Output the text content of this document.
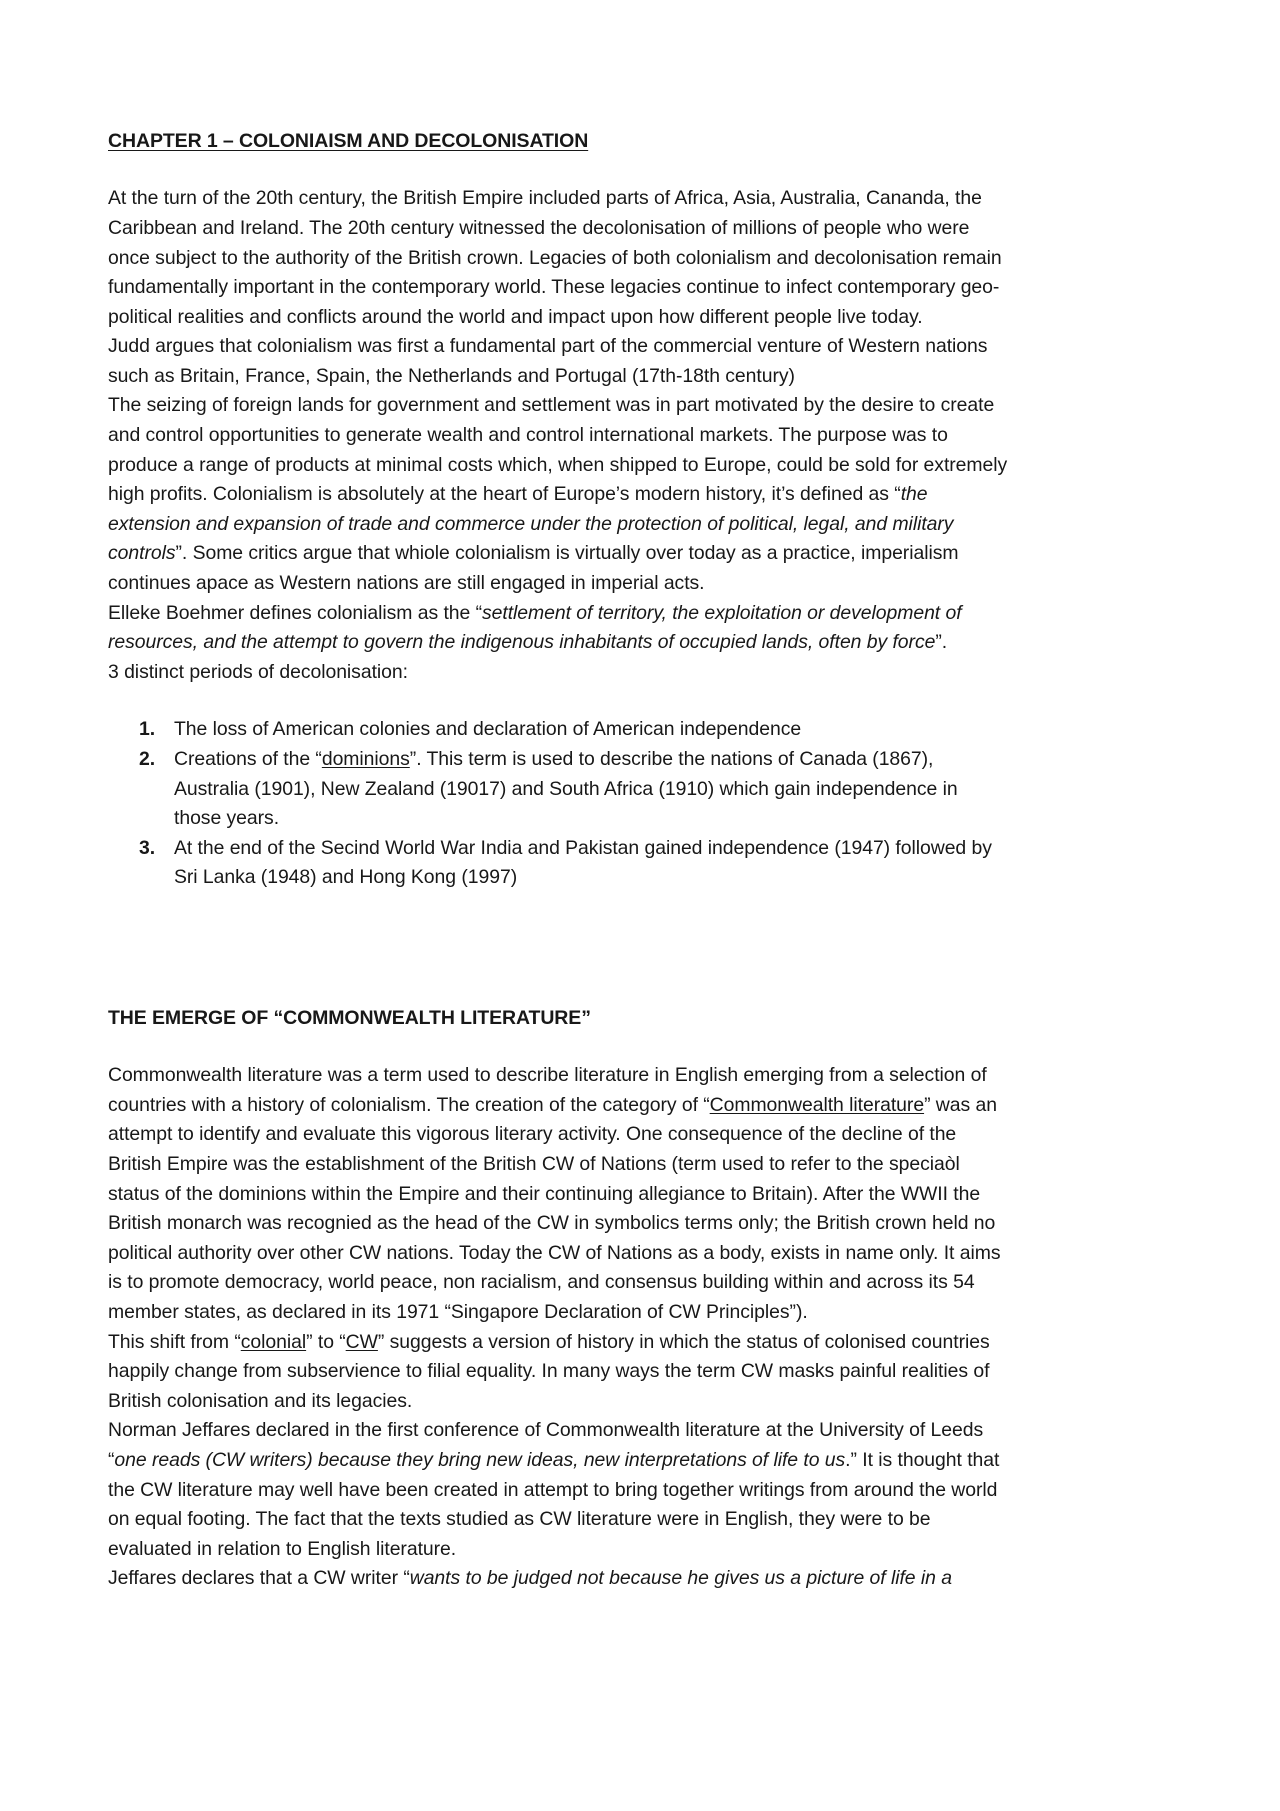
CHAPTER 1 – COLONIAISM AND DECOLONISATION

At the turn of the 20th century, the British Empire included parts of Africa, Asia, Australia, Cananda, the Caribbean and Ireland. The 20th century witnessed the decolonisation of millions of people who were once subject to the authority of the British crown. Legacies of both colonialism and decolonisation remain fundamentally important in the contemporary world. These legacies continue to infect contemporary geo-political realities and conflicts around the world and impact upon how different people live today.

Judd argues that colonialism was first a fundamental part of the commercial venture of Western nations such as Britain, France, Spain, the Netherlands and Portugal (17th-18th century)

The seizing of foreign lands for government and settlement was in part motivated by the desire to create and control opportunities to generate wealth and control international markets. The purpose was to produce a range of products at minimal costs which, when shipped to Europe, could be sold for extremely high profits. Colonialism is absolutely at the heart of Europe’s modern history, it’s defined as “the extension and expansion of trade and commerce under the protection of political, legal, and military controls”. Some critics argue that whiole colonialism is virtually over today as a practice, imperialism continues apace as Western nations are still engaged in imperial acts.

Elleke Boehmer defines colonialism as the “settlement of territory, the exploitation or development of resources, and the attempt to govern the indigenous inhabitants of occupied lands, often by force”.

3 distinct periods of decolonisation:

The loss of American colonies and declaration of American independence
Creations of the “dominions”. This term is used to describe the nations of Canada (1867), Australia (1901), New Zealand (19017) and South Africa (1910) which gain independence in those years.
At the end of the Secind World War India and Pakistan gained independence (1947) followed by Sri Lanka (1948) and Hong Kong (1997)
THE EMERGE OF “COMMONWEALTH LITERATURE”

Commonwealth literature was a term used to describe literature in English emerging from a selection of countries with a history of colonialism. The creation of the category of “Commonwealth literature” was an attempt to identify and evaluate this vigorous literary activity. One consequence of the decline of the British Empire was the establishment of the British CW of Nations (term used to refer to the speciaòl status of the dominions within the Empire and their continuing allegiance to Britain). After the WWII the British monarch was recognied as the head of the CW in symbolics terms only; the British crown held no political authority over other CW nations. Today the CW of Nations as a body, exists in name only. It aims is to promote democracy, world peace, non racialism, and consensus building within and across its 54 member states, as declared in its 1971 “Singapore Declaration of CW Principles”).

This shift from “colonial” to “CW” suggests a version of history in which the status of colonised countries happily change from subservience to filial equality. In many ways the term CW masks painful realities of British colonisation and its legacies.

Norman Jeffares declared in the first conference of Commonwealth literature at the University of Leeds “one reads (CW writers) because they bring new ideas, new interpretations of life to us.” It is thought that the CW literature may well have been created in attempt to bring together writings from around the world on equal footing. The fact that the texts studied as CW literature were in English, they were to be evaluated in relation to English literature.

Jeffares declares that a CW writer “wants to be judged not because he gives us a picture of life in a
